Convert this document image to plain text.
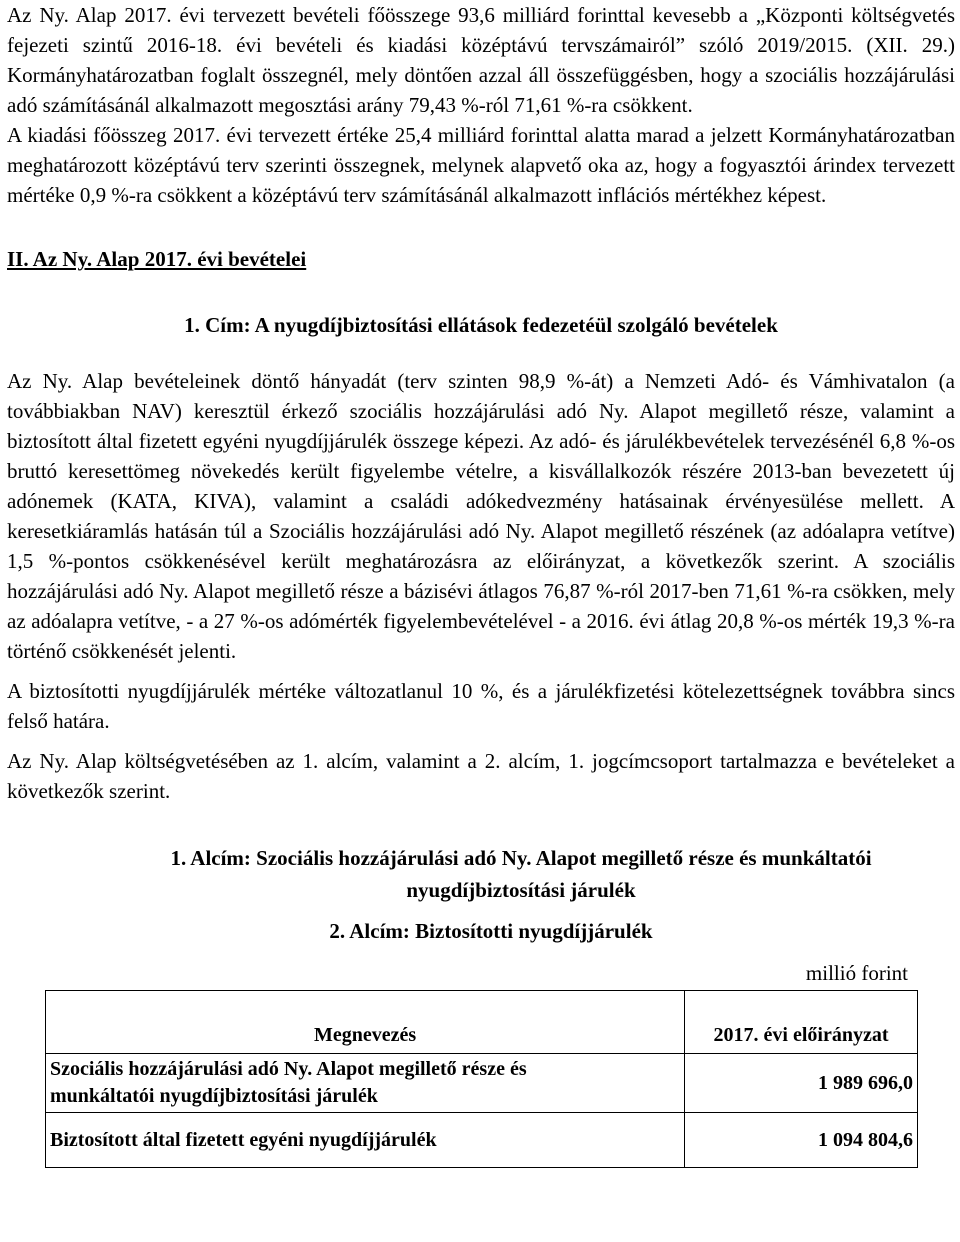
Az Ny. Alap 2017. évi tervezett bevételi főösszege 93,6 milliárd forinttal kevesebb a „Központi költségvetés fejezeti szintű 2016-18. évi bevételi és kiadási középtávú tervszámairól” szóló 2019/2015. (XII. 29.) Kormányhatározatban foglalt összegnél, mely döntően azzal áll összefüggésben, hogy a szociális hozzájárulási adó számításánál alkalmazott megosztási arány 79,43 %-ról 71,61 %-ra csökkent.

A kiadási főösszeg 2017. évi tervezett értéke 25,4 milliárd forinttal alatta marad a jelzett Kormányhatározatban meghatározott középtávú terv szerinti összegnek, melynek alapvető oka az, hogy a fogyasztói árindex tervezett mértéke 0,9 %-ra csökkent a középtávú terv számításánál alkalmazott inflációs mértékhez képest.

II. Az Ny. Alap 2017. évi bevételei

1. Cím: A nyugdíjbiztosítási ellátások fedezetéül szolgáló bevételek

Az Ny. Alap bevételeinek döntő hányadát (terv szinten 98,9 %-át) a Nemzeti Adó- és Vámhivatalon (a továbbiakban NAV) keresztül érkező szociális hozzájárulási adó Ny. Alapot megillető része, valamint a biztosított által fizetett egyéni nyugdíjjárulék összege képezi. Az adó- és járulékbevételek tervezésénél 6,8 %-os bruttó keresettömeg növekedés került figyelembe vételre, a kisvállalkozók részére 2013-ban bevezetett új adónemek (KATA, KIVA), valamint a családi adókedvezmény hatásainak érvényesülése mellett. A keresetkiáramlás hatásán túl a Szociális hozzájárulási adó Ny. Alapot megillető részének (az adóalapra vetítve) 1,5 %-pontos csökkenésével került meghatározásra az előirányzat, a következők szerint. A szociális hozzájárulási adó Ny. Alapot megillető része a bázisévi átlagos 76,87 %-ról 2017-ben 71,61 %-ra csökken, mely az adóalapra vetítve, - a 27 %-os adómérték figyelembevételével - a 2016. évi átlag 20,8 %-os mérték 19,3 %-ra történő csökkenését jelenti.

A biztosítotti nyugdíjjárulék mértéke változatlanul 10 %, és a járulékfizetési kötelezettségnek továbbra sincs felső határa.

Az Ny. Alap költségvetésében az 1. alcím, valamint a 2. alcím, 1. jogcímcsoport tartalmazza e bevételeket a következők szerint.

1. Alcím: Szociális hozzájárulási adó Ny. Alapot megillető része és munkáltatói
nyugdíjbiztosítási járulék
2. Alcím: Biztosítotti nyugdíjjárulék
millió forint
Megnevezés	2017. évi előirányzat

Szociális hozzájárulási adó Ny. Alapot megillető része és
munkáltatói nyugdíjbiztosítási járulék	1 989 696,0
Biztosított által fizetett egyéni nyugdíjjárulék	1 094 804,6
